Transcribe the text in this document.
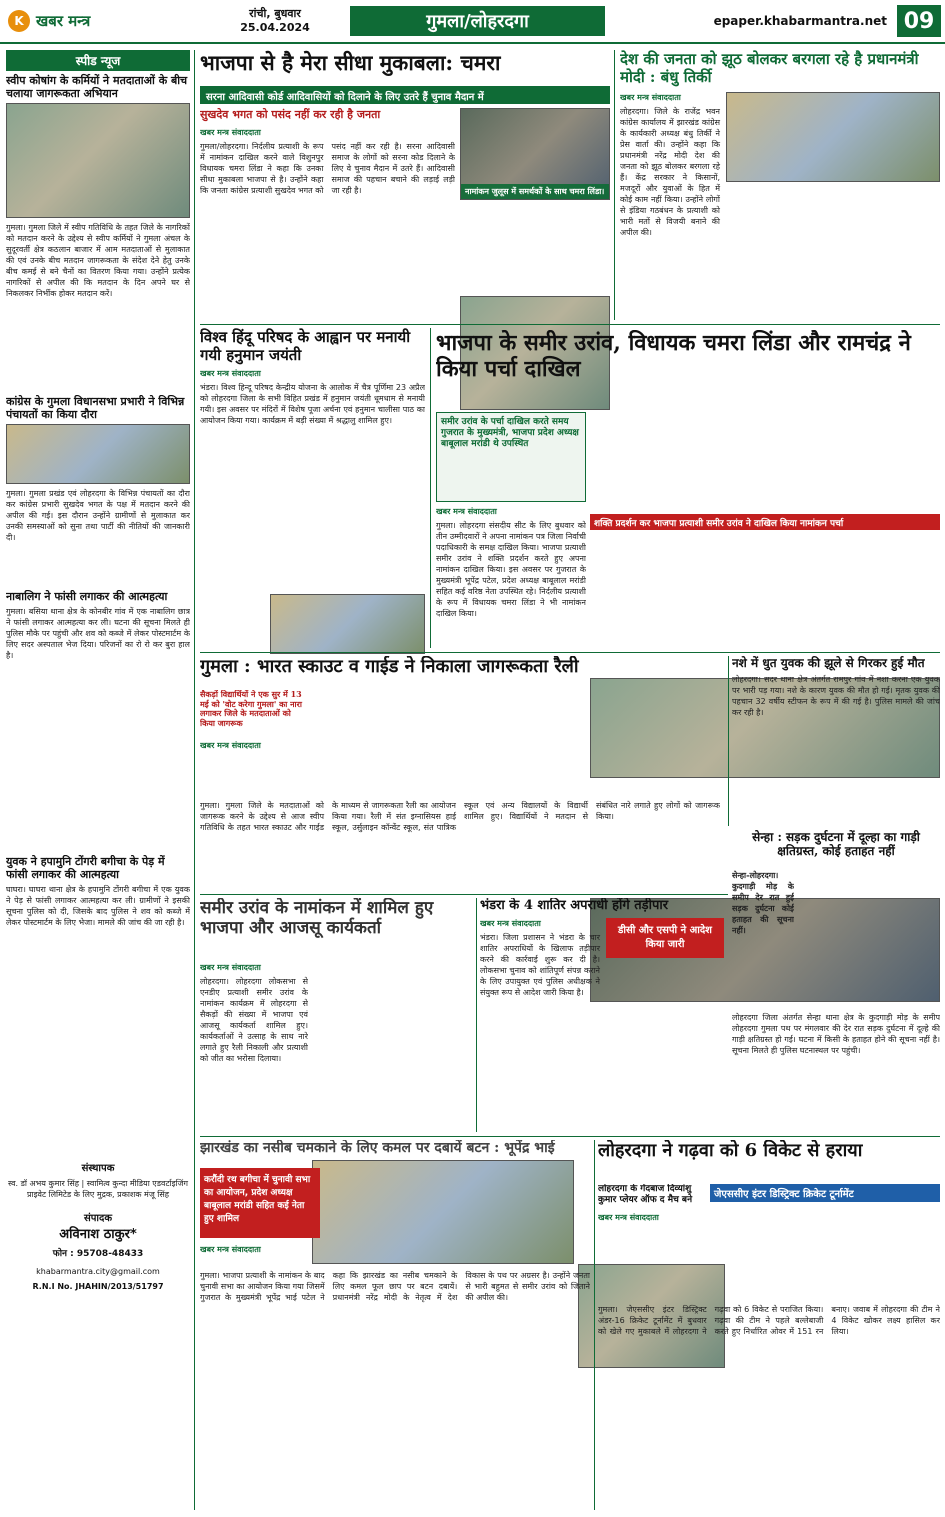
K खबर मन्त्र	रांची, बुधवार
25.04.2024	गुमला/लोहरदगा	epaper.khabarmantra.net 09
स्पीड न्यूज
स्वीप कोषांग के कर्मियों ने मतदाताओं के बीच चलाया जागरूकता अभियान
गुमला। गुमला जिले में स्वीप गतिविधि के तहत जिले के नागरिकों को मतदान करने के उद्देश्य से स्वीप कर्मियों ने गुमला अंचल के सुदूरवर्ती क्षेत्र कठलान बाजार में आम मतदाताओं से मुलाकात की एवं उनके बीच मतदान जागरूकता के संदेश देने हेतु उनके बीच कमई से बने चैनों का वितरण किया गया। उन्होंने प्रत्येक नागरिकों से अपील की कि मतदान के दिन अपने घर से निकलकर निर्भीक होकर मतदान करें।
कांग्रेस के गुमला विधानसभा प्रभारी ने विभिन्न पंचायतों का किया दौरा
गुमला। गुमला प्रखंड एवं लोहरदगा के विभिन्न पंचायतों का दौरा कर कांग्रेस प्रभारी सुखदेव भगत के पक्ष में मतदान करने की अपील की गई। इस दौरान उन्होंने ग्रामीणों से मुलाकात कर उनकी समस्याओं को सुना तथा पार्टी की नीतियों की जानकारी दी।
नाबालिग ने फांसी लगाकर की आत्महत्या
गुमला। बसिया थाना क्षेत्र के कोनबीर गांव में एक नाबालिग छात्र ने फांसी लगाकर आत्महत्या कर ली। घटना की सूचना मिलते ही पुलिस मौके पर पहुंची और शव को कब्जे में लेकर पोस्टमार्टम के लिए सदर अस्पताल भेज दिया। परिजनों का रो रो कर बुरा हाल है।
युवक ने हपामुनि टोंगरी बगीचा के पेड़ में फांसी लगाकर की आत्महत्या
घाघरा। घाघरा थाना क्षेत्र के हपामुनि टोंगरी बगीचा में एक युवक ने पेड़ से फांसी लगाकर आत्महत्या कर ली। ग्रामीणों ने इसकी सूचना पुलिस को दी, जिसके बाद पुलिस ने शव को कब्जे में लेकर पोस्टमार्टम के लिए भेजा। मामले की जांच की जा रही है।
संस्थापक
स्व. डॉ अभय कुमार सिंह | स्वामित्व कुन्दा मीडिया एडवर्टाइजिंग प्राइवेट लिमिटेड के लिए मुद्रक, प्रकाशक मंजू सिंह
संपादक
अविनाश ठाकुर*
फोन : 95708-48433
khabarmantra.city@gmail.com
R.N.I No. JHAHIN/2013/51797
भाजपा से है मेरा सीधा मुकाबला: चमरा
सरना आदिवासी कोर्ड आदिवासियों को दिलाने के लिए उतरे हैं चुनाव मैदान में
सुखदेव भगत को पसंद नहीं कर रही है जनता
खबर मन्त्र संवाददाता
गुमला/लोहरदगा। निर्दलीय प्रत्याशी के रूप में नामांकन दाखिल करने वाले विशुनपुर विधायक चमरा लिंडा ने कहा कि उनका सीधा मुकाबला भाजपा से है। उन्होंने कहा कि जनता कांग्रेस प्रत्याशी सुखदेव भगत को पसंद नहीं कर रही है। सरना आदिवासी समाज के लोगों को सरना कोड दिलाने के लिए वे चुनाव मैदान में उतरे हैं। आदिवासी समाज की पहचान बचाने की लड़ाई लड़ी जा रही है।	नामांकन जुलूस में समर्थकों के साथ चमरा लिंडा।
देश की जनता को झूठ बोलकर बरगला रहे है प्रधानमंत्री मोदी : बंधु तिर्की
खबर मन्त्र संवाददाता
लोहरदगा। जिले के राजेंद्र भवन कांग्रेस कार्यालय में झारखंड कांग्रेस के कार्यकारी अध्यक्ष बंधु तिर्की ने प्रेस वार्ता की। उन्होंने कहा कि प्रधानमंत्री नरेंद्र मोदी देश की जनता को झूठ बोलकर बरगला रहे हैं। केंद्र सरकार ने किसानों, मजदूरों और युवाओं के हित में कोई काम नहीं किया। उन्होंने लोगों से इंडिया गठबंधन के प्रत्याशी को भारी मतों से विजयी बनाने की अपील की।
विश्व हिंदू परिषद के आह्वान पर मनायी गयी हनुमान जयंती
खबर मन्त्र संवाददाता
भंडरा। विश्व हिन्दू परिषद केन्द्रीय योजना के आलोक में चैत्र पूर्णिमा 23 अप्रैल को लोहरदगा जिला के सभी विहित प्रखंड में हनुमान जयंती धूमधाम से मनायी गयी। इस अवसर पर मंदिरों में विशेष पूजा अर्चना एवं हनुमान चालीसा पाठ का आयोजन किया गया। कार्यक्रम में बड़ी संख्या में श्रद्धालु शामिल हुए।
भाजपा के समीर उरांव, विधायक चमरा लिंडा और रामचंद्र ने किया पर्चा दाखिल
समीर उरांव के पर्चा दाखिल करते समय गुजरात के मुख्यमंत्री, भाजपा प्रदेश अध्यक्ष बाबूलाल मरांडी थे उपस्थित
खबर मन्त्र संवाददाता
गुमला। लोहरदगा संसदीय सीट के लिए बुधवार को तीन उम्मीदवारों ने अपना नामांकन पत्र जिला निर्वाची पदाधिकारी के समक्ष दाखिल किया। भाजपा प्रत्याशी समीर उरांव ने शक्ति प्रदर्शन करते हुए अपना नामांकन दाखिल किया। इस अवसर पर गुजरात के मुख्यमंत्री भूपेंद्र पटेल, प्रदेश अध्यक्ष बाबूलाल मरांडी सहित कई वरिष्ठ नेता उपस्थित रहे। निर्दलीय प्रत्याशी के रूप में विधायक चमरा लिंडा ने भी नामांकन दाखिल किया।
शक्ति प्रदर्शन कर भाजपा प्रत्याशी समीर उरांव ने दाखिल किया नामांकन पर्चा
गुमला : भारत स्काउट व गाईड ने निकाला जागरूकता रैली
सैकड़ों विद्यार्थियों ने एक सुर में 13 मई को 'वोट करेगा गुमला' का नारा लगाकर जिले के मतदाताओं को किया जागरूक
खबर मन्त्र संवाददाता
गुमला। गुमला जिले के मतदाताओं को जागरूक करने के उद्देश्य से आज स्वीप गतिविधि के तहत भारत स्काउट और गाईड के माध्यम से जागरूकता रैली का आयोजन किया गया। रैली में संत इग्नासियस हाई स्कूल, उर्सुलाइन कॉन्वेंट स्कूल, संत पात्रिक स्कूल एवं अन्य विद्यालयों के विद्यार्थी शामिल हुए। विद्यार्थियों ने मतदान से संबंधित नारे लगाते हुए लोगों को जागरूक किया।
नशे में धुत युवक की झूले से गिरकर हुई मौत
लोहरदगा। सदर थाना क्षेत्र अंतर्गत रामपुर गांव में नशा करना एक युवक पर भारी पड़ गया। नशे के कारण युवक की मौत हो गई। मृतक युवक की पहचान 32 वर्षीय स्टीफन के रूप में की गई है। पुलिस मामले की जांच कर रही है।
सेन्हा : सड़क दुर्घटना में दूल्हा का गाड़ी क्षतिग्रस्त, कोई हताहत नहीं
सेन्हा-लोहरदगा। कुदगाड़ी मोड़ के समीप देर रात हुई सड़क दुर्घटना कोई हताहत की सूचना नहीं।
लोहरदगा जिला अंतर्गत सेन्हा थाना क्षेत्र के कुदगाड़ी मोड़ के समीप लोहरदगा गुमला पथ पर मंगलवार की देर रात सड़क दुर्घटना में दूल्हे की गाड़ी क्षतिग्रस्त हो गई। घटना में किसी के हताहत होने की सूचना नहीं है। सूचना मिलते ही पुलिस घटनास्थल पर पहुंची।
समीर उरांव के नामांकन में शामिल हुए भाजपा और आजसू कार्यकर्ता
खबर मन्त्र संवाददाता
लोहरदगा। लोहरदगा लोकसभा से एनडीए प्रत्याशी समीर उरांव के नामांकन कार्यक्रम में लोहरदगा से सैकड़ों की संख्या में भाजपा एवं आजसू कार्यकर्ता शामिल हुए। कार्यकर्ताओं ने उत्साह के साथ नारे लगाते हुए रैली निकाली और प्रत्याशी को जीत का भरोसा दिलाया।
भंडरा के 4 शातिर अपराधी होंगे तड़ीपार
खबर मन्त्र संवाददाता
भंडरा। जिला प्रशासन ने भंडरा के चार शातिर अपराधियों के खिलाफ तड़ीपार करने की कार्रवाई शुरू कर दी है। लोकसभा चुनाव को शांतिपूर्ण संपन्न कराने के लिए उपायुक्त एवं पुलिस अधीक्षक ने संयुक्त रूप से आदेश जारी किया है।
डीसी और एसपी ने आदेश किया जारी
झारखंड का नसीब चमकाने के लिए कमल पर दबायें बटन : भूपेंद्र भाई
करौंदी रथ बगीचा में चुनावी सभा का आयोजन, प्रदेश अध्यक्ष बाबूलाल मरांडी सहित कई नेता हुए शामिल
खबर मन्त्र संवाददाता
गुमला। भाजपा प्रत्याशी के नामांकन के बाद चुनावी सभा का आयोजन किया गया जिसमें गुजरात के मुख्यमंत्री भूपेंद्र भाई पटेल ने कहा कि झारखंड का नसीब चमकाने के लिए कमल फूल छाप पर बटन दबायें। प्रधानमंत्री नरेंद्र मोदी के नेतृत्व में देश विकास के पथ पर अग्रसर है। उन्होंने जनता से भारी बहुमत से समीर उरांव को जिताने की अपील की।
लोहरदगा ने गढ़वा को 6 विकेट से हराया
लोहरदगा के गेंदबाज दिव्यांशु कुमार प्लेयर ऑफ द मैच बने
खबर मन्त्र संवाददाता
जेएससीए इंटर डिस्ट्रिक्ट क्रिकेट टूर्नामेंट
गुमला। जेएससीए इंटर डिस्ट्रिक्ट अंडर-16 क्रिकेट टूर्नामेंट में बुधवार को खेले गए मुकाबले में लोहरदगा ने गढ़वा को 6 विकेट से पराजित किया। गढ़वा की टीम ने पहले बल्लेबाजी करते हुए निर्धारित ओवर में 151 रन बनाए। जवाब में लोहरदगा की टीम ने 4 विकेट खोकर लक्ष्य हासिल कर लिया।
